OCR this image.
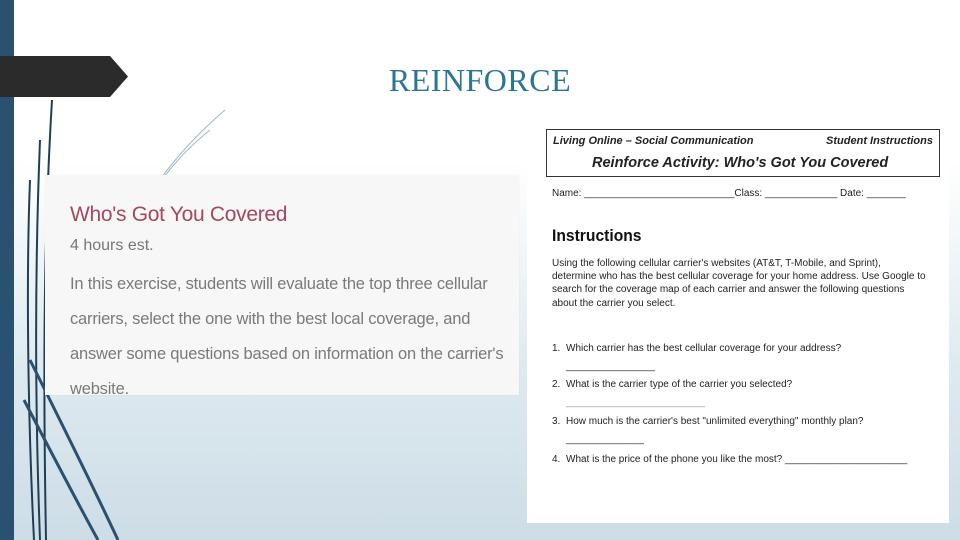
REINFORCE
Who's Got You Covered
4 hours est.
In this exercise, students will evaluate the top three cellular carriers, select the one with the best local coverage, and answer some questions based on information on the carrier's website.
Living Online – Social Communication	Student Instructions
Reinforce Activity: Who's Got You Covered
Name: ___________________________Class: _____________ Date: _______
Instructions
Using the following cellular carrier's websites (AT&T, T-Mobile, and Sprint), determine who has the best cellular coverage for your home address. Use Google to search for the coverage map of each carrier and answer the following questions about the carrier you select.
1. Which carrier has the best cellular coverage for your address?
________________
2. What is the carrier type of the carrier you selected?
_________________________
3. How much is the carrier's best "unlimited everything" monthly plan?
______________
4. What is the price of the phone you like the most? ______________________
